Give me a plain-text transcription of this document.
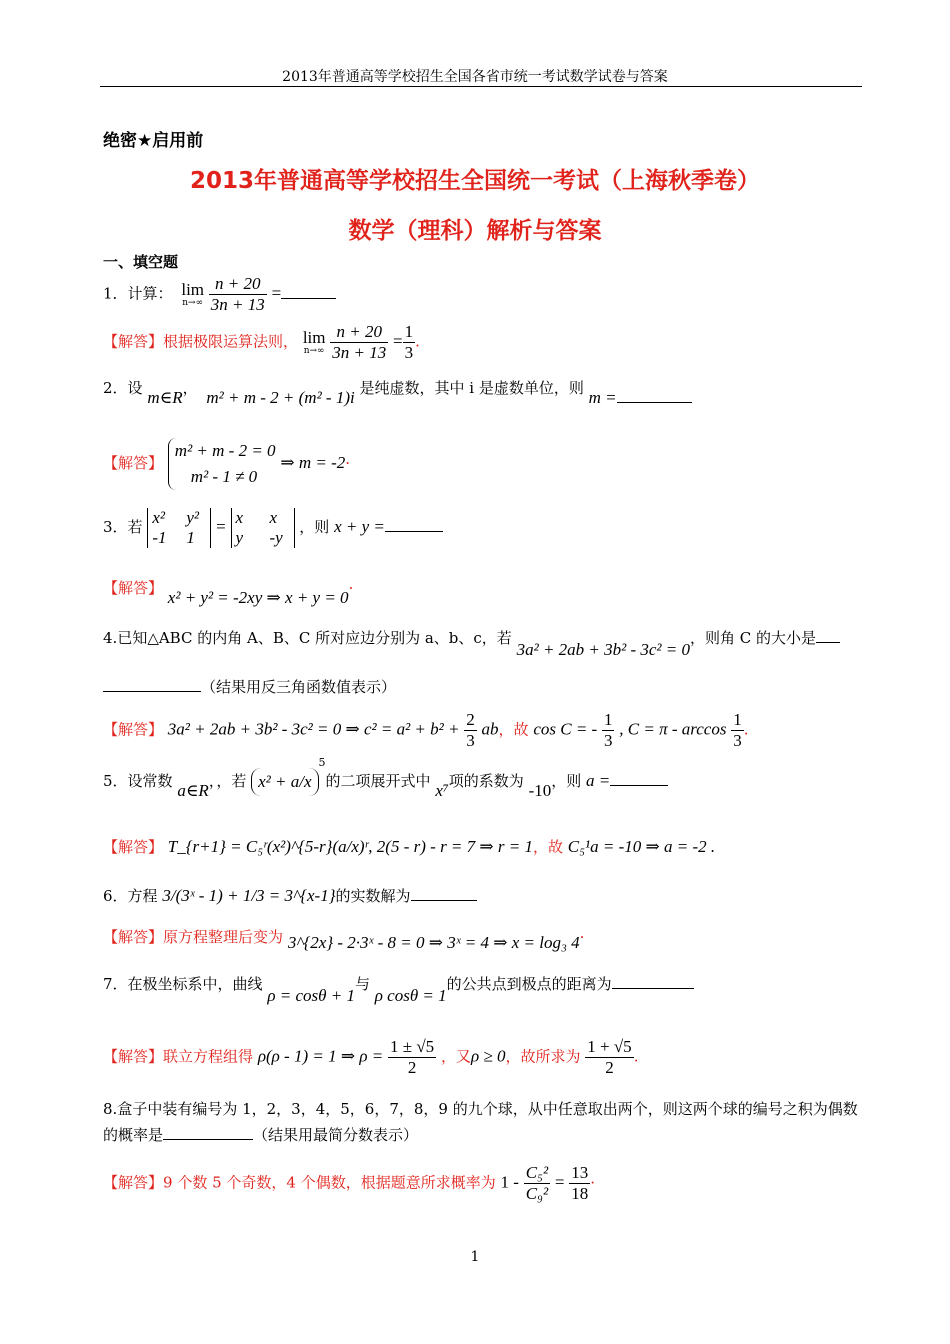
2013年普通高等学校招生全国各省市统一考试数学试卷与答案
绝密★启用前
2013年普通高等学校招生全国统一考试（上海秋季卷）
数学（理科）解析与答案
一、填空题
1．计算： lim
n→∞
$\frac{n + 20}{3n + 13}$ =
【解答】根据极限运算法则， lim
n→∞
$\frac{n + 20}{3n + 13} = \frac{1}{3}$ .
2．设 m∈R， m² + m - 2 + (m² - 1)i 是纯虚数，其中 i 是虚数单位，则 m =
【解答】
m² + m - 2 = 0
m² - 1 ≠ 0
⇒ m = -2·
3．若 x² y²
-1 1 = x x
y -y ，则 x + y =
【解答】 x² + y² = -2xy ⇒ x + y = 0·
4.已知△ABC 的内角 A、B、C 所对应边分别为 a、b、c，若 3a² + 2ab + 3b² - 3c² = 0，则角 C 的大小是
（结果用反三角函数值表示）
【解答】 3a² + 2ab + 3b² - 3c² = 0 ⇒ $c^2 = a^2 + b^2 + \frac{2}{3}$ ab，故 cos C = - $\frac{1}{3}$ , $C = \pi - \arccos \frac{1}{3}$ .
5．设常数 a∈R，，若 $x^2 + a/x^5$的二项展开式中 x⁷项的系数为 -10，则 a =
【解答】 T_{r+1} = C₅ʳ(x²)^{5-r}(a/x)ʳ, 2(5 - r) - r = 7 ⇒ r = 1，故 C₅¹a = -10 ⇒ a = -2 .
6．方程 3/(3ˣ - 1) + 1/3 = 3^{x-1}的实数解为
【解答】原方程整理后变为 3^{2x} - 2·3ˣ - 8 = 0 ⇒ 3ˣ = 4 ⇒ x = log₃ 4·
7．在极坐标系中，曲线 ρ = cosθ + 1与 ρ cosθ = 1的公共点到极点的距离为
【解答】联立方程组得 ρ(ρ - 1) = 1 ⇒ $\rho = \frac{1 \pm √5}{2}$ ，又ρ ≥ 0，故所求为 $\frac{1 + √5}{2}$ .
8.盒子中装有编号为 1，2，3，4，5，6，7，8，9 的九个球，从中任意取出两个，则这两个球的编号之积为偶数
的概率是	（结果用最简分数表示）
【解答】9 个数 5 个奇数，4 个偶数，根据题意所求概率为 $1 - \frac{\text{C₅²}}{\text{C₉²}} = \frac{13}{18}$ ·
1
